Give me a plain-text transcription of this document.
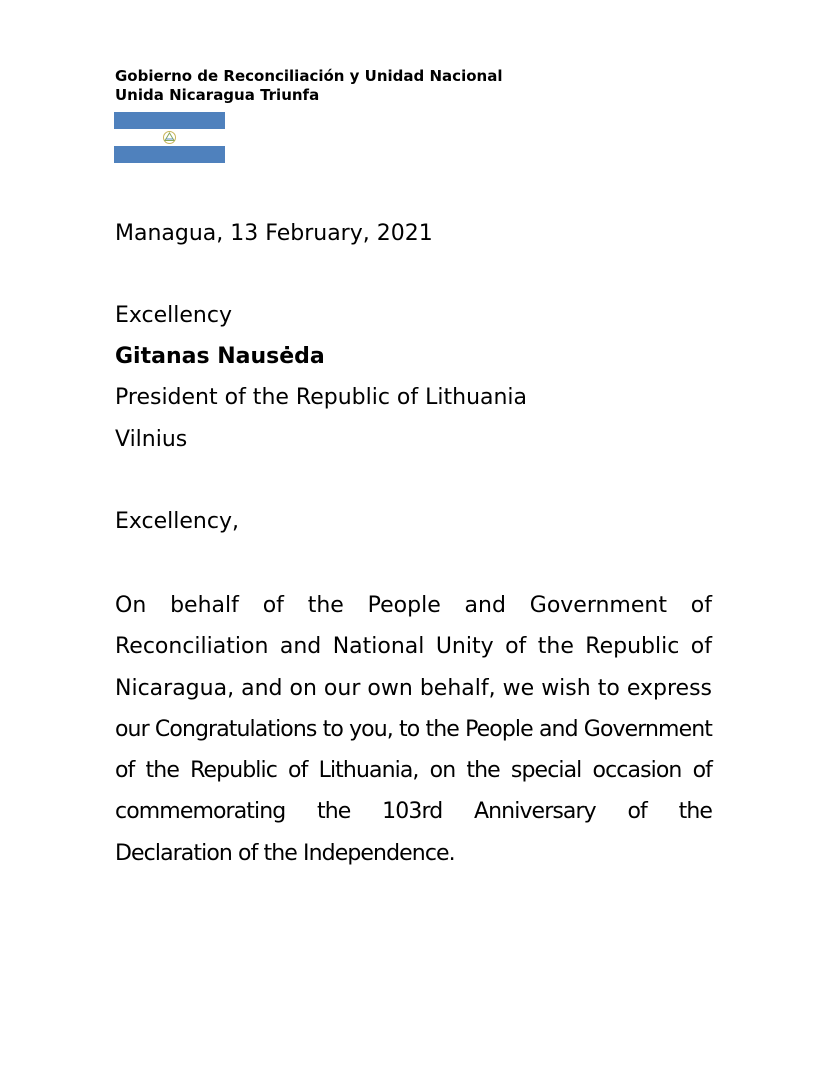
Gobierno de Reconciliación y Unidad Nacional
Unida Nicaragua Triunfa
Managua, 13 February, 2021
Excellency
Gitanas Nausėda
President of the Republic of Lithuania
Vilnius
Excellency,
On behalf of the People and Government of
Reconciliation and National Unity of the Republic of
Nicaragua, and on our own behalf, we wish to express
our Congratulations to you, to the People and Government
of the Republic of Lithuania, on the special occasion of
commemorating the 103rd Anniversary of the
Declaration of the Independence.
